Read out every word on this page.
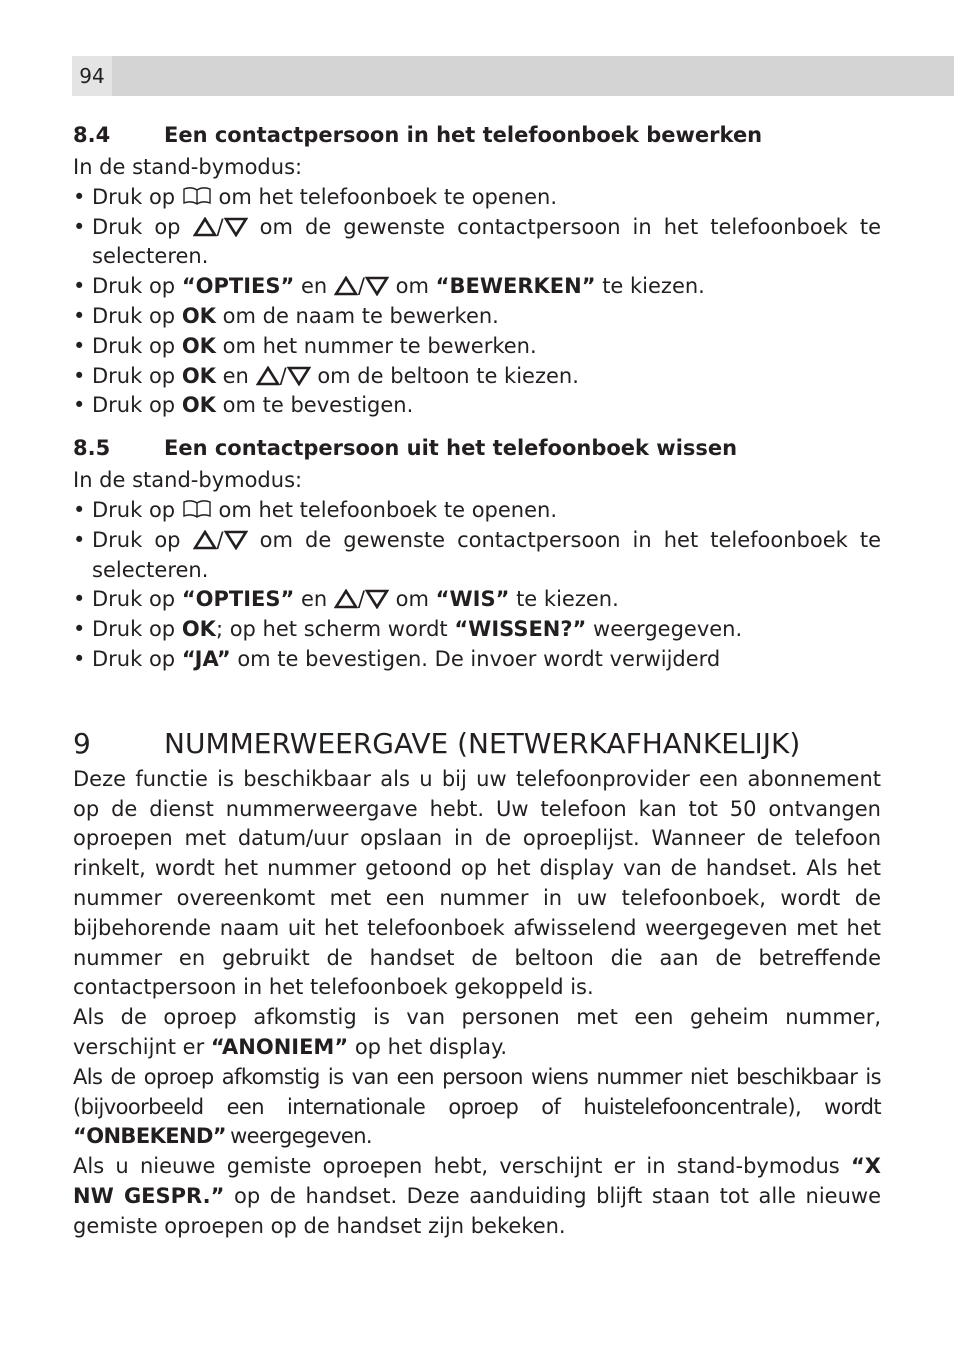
94
8.4	Een contactpersoon in het telefoonboek bewerken

In de stand-bymodus:

• Druk op om het telefoonboek te openen.
• Druk op / om de gewenste contactpersoon in het telefoonboek te selecteren.
• Druk op “OPTIES” en / om “BEWERKEN” te kiezen.
• Druk op OK om de naam te bewerken.
• Druk op OK om het nummer te bewerken.
• Druk op OK en / om de beltoon te kiezen.
• Druk op OK om te bevestigen.
8.5	Een contactpersoon uit het telefoonboek wissen

In de stand-bymodus:

• Druk op om het telefoonboek te openen.
• Druk op / om de gewenste contactpersoon in het telefoonboek te selecteren.
• Druk op “OPTIES” en / om “WIS” te kiezen.
• Druk op OK; op het scherm wordt “WISSEN?” weergegeven.
• Druk op “JA” om te bevestigen. De invoer wordt verwijderd
9	NUMMERWEERGAVE (NETWERKAFHANKELIJK)

Deze functie is beschikbaar als u bij uw telefoonprovider een abonnement op de dienst nummerweergave hebt. Uw telefoon kan tot 50 ontvangen oproepen met datum/uur opslaan in de oproeplijst. Wanneer de telefoon rinkelt, wordt het nummer getoond op het display van de handset. Als het nummer overeenkomt met een nummer in uw telefoonboek, wordt de bijbehorende naam uit het telefoonboek afwisselend weergegeven met het nummer en gebruikt de handset de beltoon die aan de betreffende contactpersoon in het telefoonboek gekoppeld is.

Als de oproep afkomstig is van personen met een geheim nummer, verschijnt er “ANONIEM” op het display.

Als de oproep afkomstig is van een persoon wiens nummer niet beschikbaar is (bijvoorbeeld een internationale oproep of huistelefooncentrale), wordt “ONBEKEND” weergegeven.

Als u nieuwe gemiste oproepen hebt, verschijnt er in stand-bymodus “X NW GESPR.” op de handset. Deze aanduiding blijft staan tot alle nieuwe gemiste oproepen op de handset zijn bekeken.
